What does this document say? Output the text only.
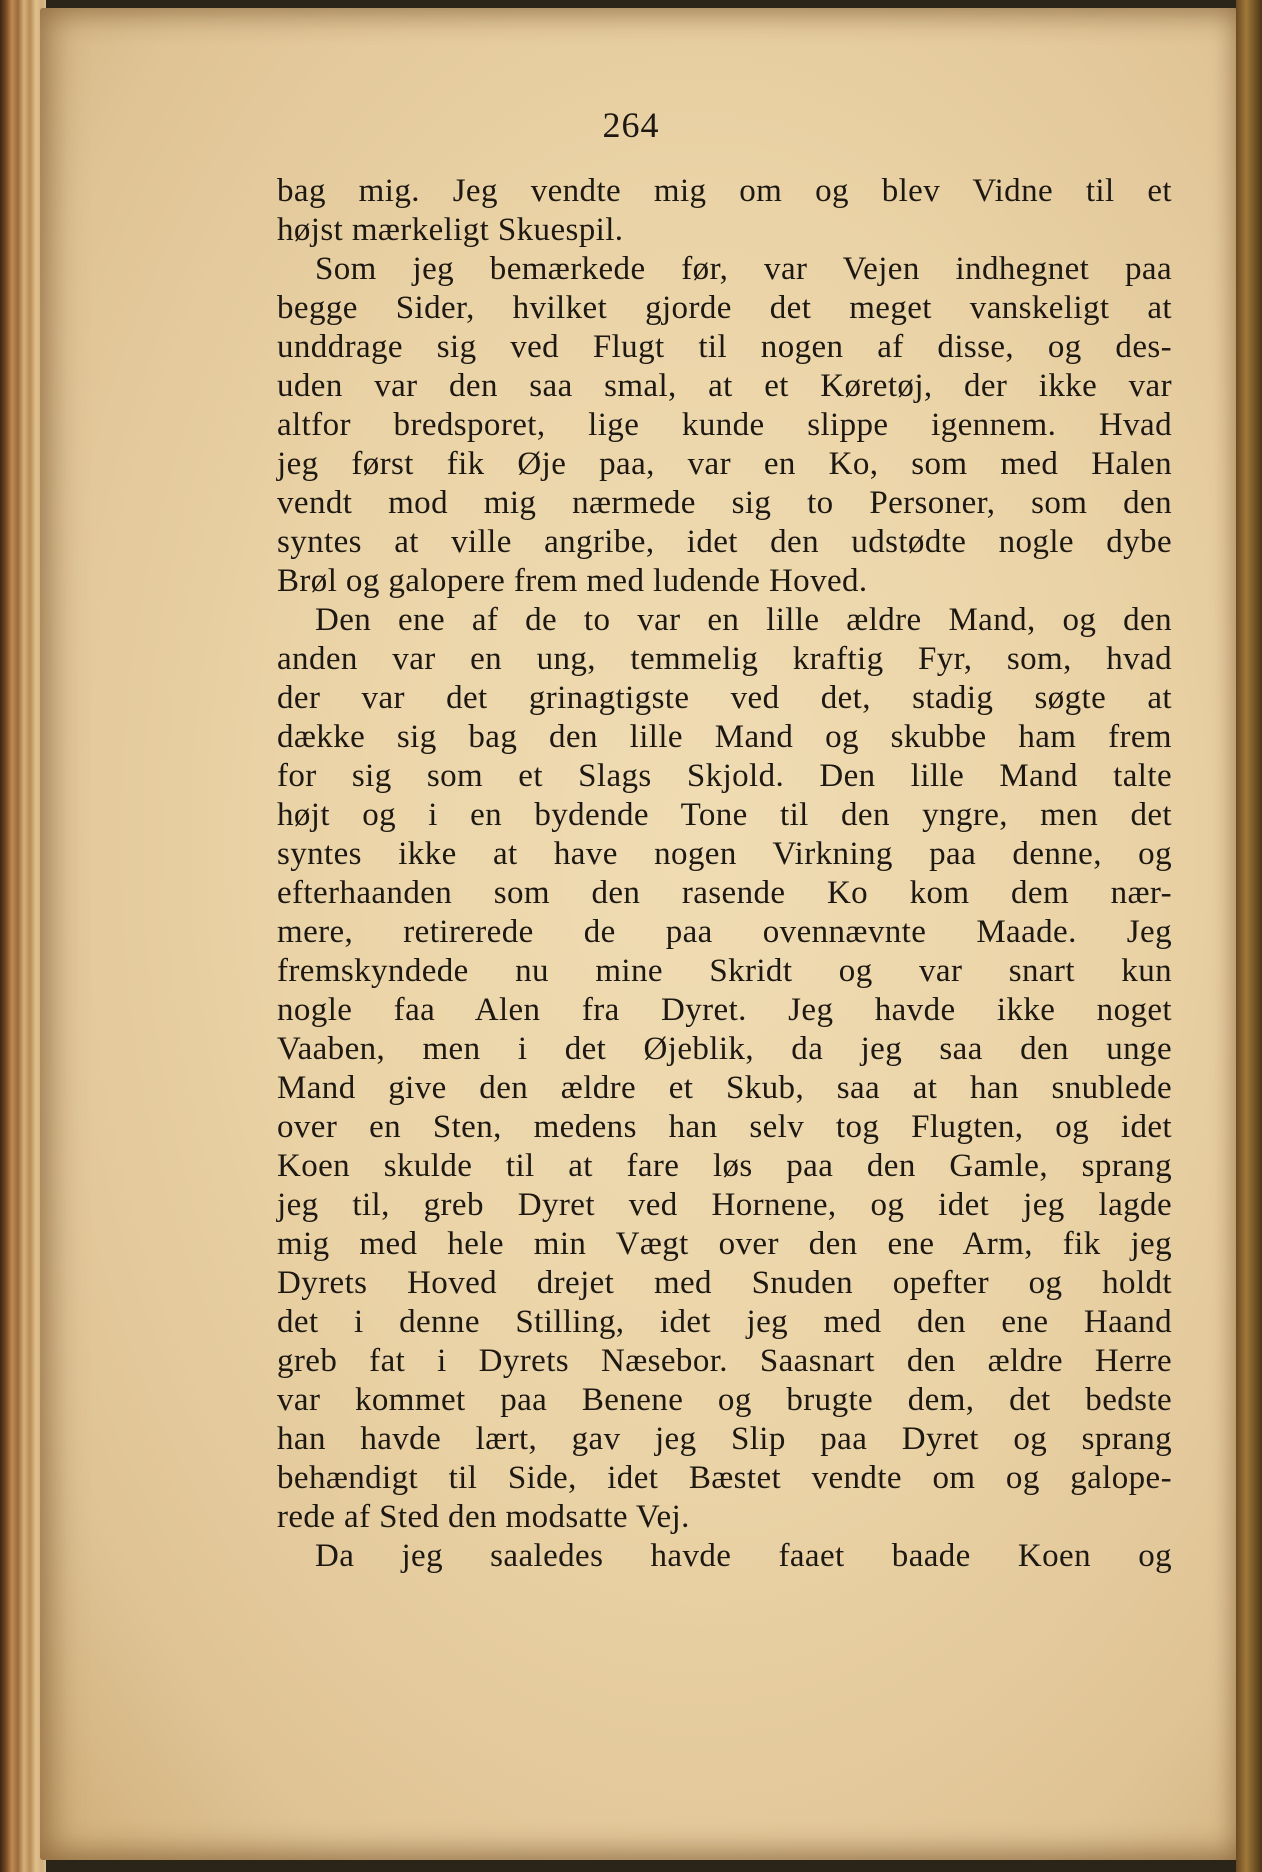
264
bag mig. Jeg vendte mig om og blev Vidne til et
højst mærkeligt Skuespil.
Som jeg bemærkede før, var Vejen indhegnet paa
begge Sider, hvilket gjorde det meget vanskeligt at
unddrage sig ved Flugt til nogen af disse, og des-
uden var den saa smal, at et Køretøj, der ikke var
altfor bredsporet, lige kunde slippe igennem. Hvad
jeg først fik Øje paa, var en Ko, som med Halen
vendt mod mig nærmede sig to Personer, som den
syntes at ville angribe, idet den udstødte nogle dybe
Brøl og galopere frem med ludende Hoved.
Den ene af de to var en lille ældre Mand, og den
anden var en ung, temmelig kraftig Fyr, som, hvad
der var det grinagtigste ved det, stadig søgte at
dække sig bag den lille Mand og skubbe ham frem
for sig som et Slags Skjold. Den lille Mand talte
højt og i en bydende Tone til den yngre, men det
syntes ikke at have nogen Virkning paa denne, og
efterhaanden som den rasende Ko kom dem nær-
mere, retirerede de paa ovennævnte Maade. Jeg
fremskyndede nu mine Skridt og var snart kun
nogle faa Alen fra Dyret. Jeg havde ikke noget
Vaaben, men i det Øjeblik, da jeg saa den unge
Mand give den ældre et Skub, saa at han snublede
over en Sten, medens han selv tog Flugten, og idet
Koen skulde til at fare løs paa den Gamle, sprang
jeg til, greb Dyret ved Hornene, og idet jeg lagde
mig med hele min Vægt over den ene Arm, fik jeg
Dyrets Hoved drejet med Snuden opefter og holdt
det i denne Stilling, idet jeg med den ene Haand
greb fat i Dyrets Næsebor. Saasnart den ældre Herre
var kommet paa Benene og brugte dem, det bedste
han havde lært, gav jeg Slip paa Dyret og sprang
behændigt til Side, idet Bæstet vendte om og galope-
rede af Sted den modsatte Vej.
Da jeg saaledes havde faaet baade Koen og
